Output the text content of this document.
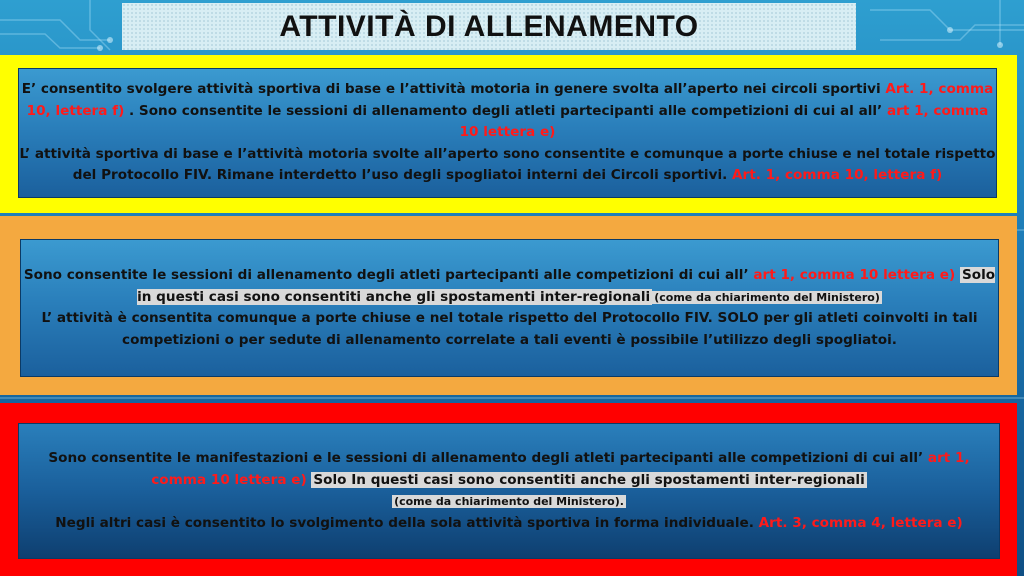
ATTIVITÀ DI ALLENAMENTO
E’ consentito svolgere attività sportiva di base e l’attività motoria in genere svolta all’aperto nei circoli sportivi Art. 1, comma 10, lettera f) . Sono consentite le sessioni di allenamento degli atleti partecipanti alle competizioni di cui al all’ art 1, comma 10 lettera e)
L’ attività sportiva di base e l’attività motoria svolte all’aperto sono consentite e comunque a porte chiuse e nel totale rispetto del Protocollo FIV. Rimane interdetto l’uso degli spogliatoi interni dei Circoli sportivi. Art. 1, comma 10, lettera f)
Sono consentite le sessioni di allenamento degli atleti partecipanti alle competizioni di cui all’ art 1, comma 10 lettera e) Solo in questi casi sono consentiti anche gli spostamenti inter-regionali (come da chiarimento del Ministero)
L’ attività è consentita comunque a porte chiuse e nel totale rispetto del Protocollo FIV. SOLO per gli atleti coinvolti in tali competizioni o per sedute di allenamento correlate a tali eventi è possibile l’utilizzo degli spogliatoi.
Sono consentite le manifestazioni e le sessioni di allenamento degli atleti partecipanti alle competizioni di cui all’ art 1, comma 10 lettera e) Solo In questi casi sono consentiti anche gli spostamenti inter-regionali
(come da chiarimento del Ministero).
Negli altri casi è consentito lo svolgimento della sola attività sportiva in forma individuale. Art. 3, comma 4, lettera e)
